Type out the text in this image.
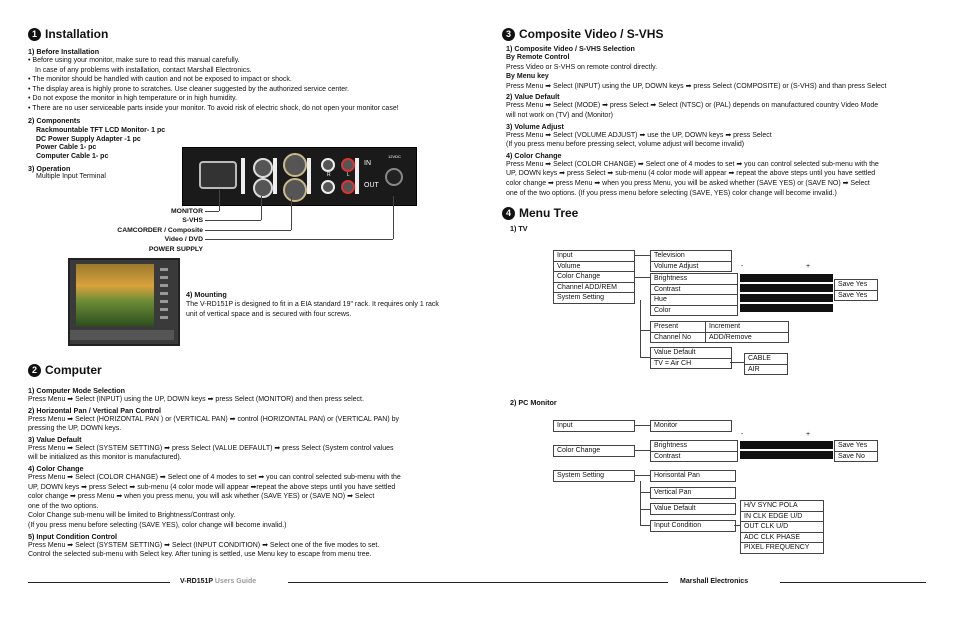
1 Installation
1) Before Installation
• Before using your monitor, make sure to read this manual carefully.
In case of any problems with installation, contact Marshall Electronics.
• The monitor should be handled with caution and not be exposed to impact or shock.
• The display area is highly prone to scratches. Use cleaner suggested by the authorized service center.
• Do not expose the monitor in high temperature or in high humidity.
• There are no user serviceable parts inside your monitor. To avoid risk of electric shock, do not open your monitor case!
2) Components
Rackmountable TFT LCD Monitor- 1 pc
DC Power Supply Adapter -1 pc
Power Cable 1- pc
Computer Cable 1- pc
3) Operation
Multiple Input Terminal	R	L
IN
OUT
12VDC
MONITOR
S-VHS
CAMCORDER / Composite Video / DVD
POWER SUPPLY
4) Mounting
The V-RD151P is designed to fit in a EIA standard 19" rack. It requires only 1 rack unit of vertical space and is secured with four screws.
2 Computer
1) Computer Mode Selection
Press Menu ➡ Select (INPUT) using the UP, DOWN keys ➡ press Select (MONITOR) and then press select.
2) Horizontal Pan / Vertical Pan Control
Press Menu ➡ Select (HORIZONTAL PAN ) or (VERTICAL PAN) ➡ control (HORIZONTAL PAN) or (VERTICAL PAN) by
pressing the UP, DOWN keys.
3) Value Default
Press Menu ➡ Select (SYSTEM SETTING) ➡ press Select (VALUE DEFAULT) ➡ press Select (System control values
will be initialized as this monitor is manufactured).
4) Color Change
Press Menu ➡ Select (COLOR CHANGE) ➡ Select one of 4 modes to set ➡ you can control selected sub-menu with the
UP, DOWN keys ➡ press Select ➡ sub-menu (4 color mode will appear ➡repeat the above steps until you have settled
color change ➡ press Menu ➡ when you press menu, you will ask whether (SAVE YES) or (SAVE NO) ➡ Select
one of the two options.
Color Change sub-menu will be limited to Brightness/Contrast only.
(If you press menu before selecting (SAVE YES), color change will become invalid.)
5) Input Condition Control
Press Menu ➡ Select (SYSTEM SETTING) ➡ Select (INPUT CONDITION) ➡ Select one of the five modes to set.
Control the selected sub-menu with Select key. After tuning is settled, use Menu key to escape from menu tree.
3 Composite Video / S-VHS
1) Composite Video / S-VHS Selection
By Remote Control
Press Video or S-VHS on remote control directly.
By Menu key
Press Menu ➡ Select (INPUT) using the UP, DOWN keys ➡ press Select (COMPOSITE) or (S-VHS) and than press Select
2) Value Default
Press Menu ➡ Select (MODE) ➡ press Select ➡ Select (NTSC) or (PAL) depends on manufactured country Video Mode
will not work on (TV) and (Monitor)
3) Volume Adjust
Press Menu ➡ Select (VOLUME ADJUST) ➡ use the UP, DOWN keys ➡ press Select
(If you press menu before pressing select, volume adjust will become invalid)
4) Color Change
Press Menu ➡ Select (COLOR CHANGE) ➡ Select one of 4 modes to set ➡ you can control selected sub-menu with the
UP, DOWN keys ➡ press Select ➡ sub-menu (4 color mode will appear ➡ repeat the above steps until you have settled
color change ➡ press Menu ➡ when you press Menu, you will be asked whether (SAVE YES) or (SAVE NO) ➡ Select
one of the two options. (If you press menu before selecting (SAVE, YES) color change will become invalid.)
4 Menu Tree
1) TV
Input
Volume
Color Change
Channel ADD/REM
System Setting
Television
Volume Adjust
Brightness
Contrast
Hue
Color
Present
Channel No
Increment
ADD/Remove
Value Default
TV = Air CH
CABLE
AIR
Save Yes
Save Yes
-	+
2) PC Monitor
Input	Monitor
Color Change
Brightness
Contrast
Save Yes
Save No
-	+
System Setting	Horisontal Pan
Vertical Pan
Value Default
Input Condition
H/V SYNC POLA
IN CLK EDGE U/D
OUT CLK U/D
ADC CLK PHASE
PIXEL FREQUENCY
V-RD151P Users Guide	Marshall Electronics
